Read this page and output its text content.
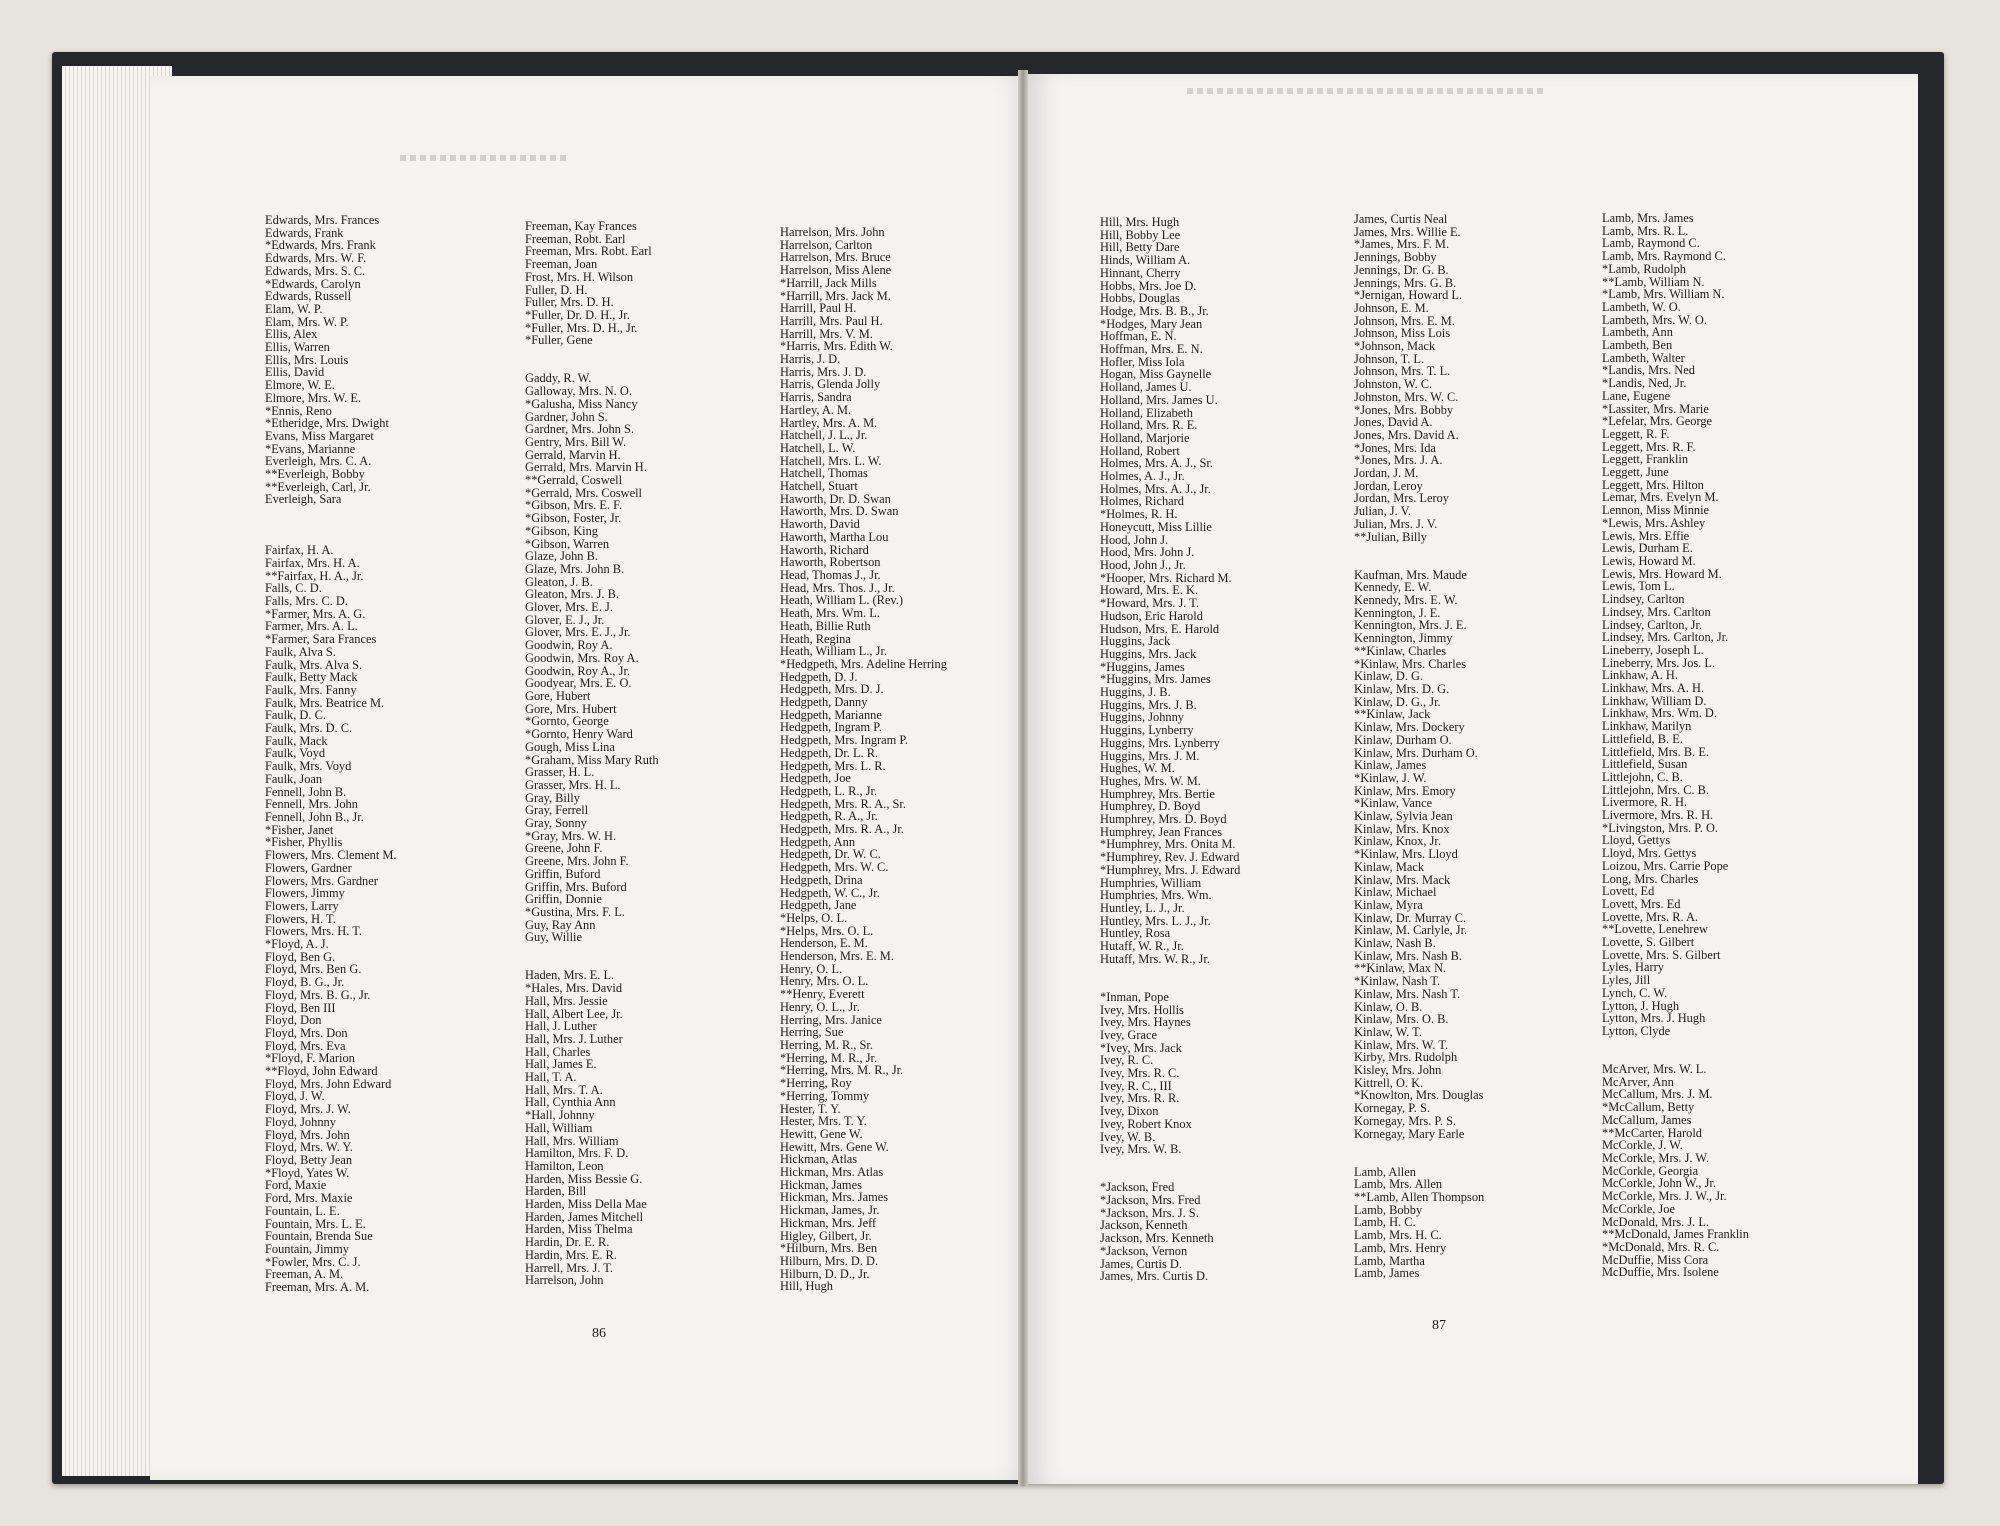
Edwards, Mrs. Frances
Edwards, Frank
*Edwards, Mrs. Frank
Edwards, Mrs. W. F.
Edwards, Mrs. S. C.
*Edwards, Carolyn
Edwards, Russell
Elam, W. P.
Elam, Mrs. W. P.
Ellis, Alex
Ellis, Warren
Ellis, Mrs. Louis
Ellis, David
Elmore, W. E.
Elmore, Mrs. W. E.
*Ennis, Reno
*Etheridge, Mrs. Dwight
Evans, Miss Margaret
*Evans, Marianne
Everleigh, Mrs. C. A.
**Everleigh, Bobby
**Everleigh, Carl, Jr.
Everleigh, Sara
Fairfax, H. A.
Fairfax, Mrs. H. A.
**Fairfax, H. A., Jr.
Falls, C. D.
Falls, Mrs. C. D.
*Farmer, Mrs. A. G.
Farmer, Mrs. A. L.
*Farmer, Sara Frances
Faulk, Alva S.
Faulk, Mrs. Alva S.
Faulk, Betty Mack
Faulk, Mrs. Fanny
Faulk, Mrs. Beatrice M.
Faulk, D. C.
Faulk, Mrs. D. C.
Faulk, Mack
Faulk, Voyd
Faulk, Mrs. Voyd
Faulk, Joan
Fennell, John B.
Fennell, Mrs. John
Fennell, John B., Jr.
*Fisher, Janet
*Fisher, Phyllis
Flowers, Mrs. Clement M.
Flowers, Gardner
Flowers, Mrs. Gardner
Flowers, Jimmy
Flowers, Larry
Flowers, H. T.
Flowers, Mrs. H. T.
*Floyd, A. J.
Floyd, Ben G.
Floyd, Mrs. Ben G.
Floyd, B. G., Jr.
Floyd, Mrs. B. G., Jr.
Floyd, Ben III
Floyd, Don
Floyd, Mrs. Don
Floyd, Mrs. Eva
*Floyd, F. Marion
**Floyd, John Edward
Floyd, Mrs. John Edward
Floyd, J. W.
Floyd, Mrs. J. W.
Floyd, Johnny
Floyd, Mrs. John
Floyd, Mrs. W. Y.
Floyd, Betty Jean
*Floyd, Yates W.
Ford, Maxie
Ford, Mrs. Maxie
Fountain, L. E.
Fountain, Mrs. L. E.
Fountain, Brenda Sue
Fountain, Jimmy
*Fowler, Mrs. C. J.
Freeman, A. M.
Freeman, Mrs. A. M.
Freeman, Kay Frances
Freeman, Robt. Earl
Freeman, Mrs. Robt. Earl
Freeman, Joan
Frost, Mrs. H. Wilson
Fuller, D. H.
Fuller, Mrs. D. H.
*Fuller, Dr. D. H., Jr.
*Fuller, Mrs. D. H., Jr.
*Fuller, Gene
Gaddy, R. W.
Galloway, Mrs. N. O.
*Galusha, Miss Nancy
Gardner, John S.
Gardner, Mrs. John S.
Gentry, Mrs. Bill W.
Gerrald, Marvin H.
Gerrald, Mrs. Marvin H.
**Gerrald, Coswell
*Gerrald, Mrs. Coswell
*Gibson, Mrs. E. F.
*Gibson, Foster, Jr.
*Gibson, King
*Gibson, Warren
Glaze, John B.
Glaze, Mrs. John B.
Gleaton, J. B.
Gleaton, Mrs. J. B.
Glover, Mrs. E. J.
Glover, E. J., Jr.
Glover, Mrs. E. J., Jr.
Goodwin, Roy A.
Goodwin, Mrs. Roy A.
Goodwin, Roy A., Jr.
Goodyear, Mrs. E. O.
Gore, Hubert
Gore, Mrs. Hubert
*Gornto, George
*Gornto, Henry Ward
Gough, Miss Lina
*Graham, Miss Mary Ruth
Grasser, H. L.
Grasser, Mrs. H. L.
Gray, Billy
Gray, Ferrell
Gray, Sonny
*Gray, Mrs. W. H.
Greene, John F.
Greene, Mrs. John F.
Griffin, Buford
Griffin, Mrs. Buford
Griffin, Donnie
*Gustina, Mrs. F. L.
Guy, Ray Ann
Guy, Willie
Haden, Mrs. E. L.
*Hales, Mrs. David
Hall, Mrs. Jessie
Hall, Albert Lee, Jr.
Hall, J. Luther
Hall, Mrs. J. Luther
Hall, Charles
Hall, James E.
Hall, T. A.
Hall, Mrs. T. A.
Hall, Cynthia Ann
*Hall, Johnny
Hall, William
Hall, Mrs. William
Hamilton, Mrs. F. D.
Hamilton, Leon
Harden, Miss Bessie G.
Harden, Bill
Harden, Miss Della Mae
Harden, James Mitchell
Harden, Miss Thelma
Hardin, Dr. E. R.
Hardin, Mrs. E. R.
Harrell, Mrs. J. T.
Harrelson, John
Harrelson, Mrs. John
Harrelson, Carlton
Harrelson, Mrs. Bruce
Harrelson, Miss Alene
*Harrill, Jack Mills
*Harrill, Mrs. Jack M.
Harrill, Paul H.
Harrill, Mrs. Paul H.
Harrill, Mrs. V. M.
*Harris, Mrs. Edith W.
Harris, J. D.
Harris, Mrs. J. D.
Harris, Glenda Jolly
Harris, Sandra
Hartley, A. M.
Hartley, Mrs. A. M.
Hatchell, J. L., Jr.
Hatchell, L. W.
Hatchell, Mrs. L. W.
Hatchell, Thomas
Hatchell, Stuart
Haworth, Dr. D. Swan
Haworth, Mrs. D. Swan
Haworth, David
Haworth, Martha Lou
Haworth, Richard
Haworth, Robertson
Head, Thomas J., Jr.
Head, Mrs. Thos. J., Jr.
Heath, William L. (Rev.)
Heath, Mrs. Wm. L.
Heath, Billie Ruth
Heath, Regina
Heath, William L., Jr.
*Hedgpeth, Mrs. Adeline Herring
Hedgpeth, D. J.
Hedgpeth, Mrs. D. J.
Hedgpeth, Danny
Hedgpeth, Marianne
Hedgpeth, Ingram P.
Hedgpeth, Mrs. Ingram P.
Hedgpeth, Dr. L. R.
Hedgpeth, Mrs. L. R.
Hedgpeth, Joe
Hedgpeth, L. R., Jr.
Hedgpeth, Mrs. R. A., Sr.
Hedgpeth, R. A., Jr.
Hedgpeth, Mrs. R. A., Jr.
Hedgpeth, Ann
Hedgpeth, Dr. W. C.
Hedgpeth, Mrs. W. C.
Hedgpeth, Drina
Hedgpeth, W. C., Jr.
Hedgpeth, Jane
*Helps, O. L.
*Helps, Mrs. O. L.
Henderson, E. M.
Henderson, Mrs. E. M.
Henry, O. L.
Henry, Mrs. O. L.
**Henry, Everett
Henry, O. L., Jr.
Herring, Mrs. Janice
Herring, Sue
Herring, M. R., Sr.
*Herring, M. R., Jr.
*Herring, Mrs. M. R., Jr.
*Herring, Roy
*Herring, Tommy
Hester, T. Y.
Hester, Mrs. T. Y.
Hewitt, Gene W.
Hewitt, Mrs. Gene W.
Hickman, Atlas
Hickman, Mrs. Atlas
Hickman, James
Hickman, Mrs. James
Hickman, James, Jr.
Hickman, Mrs. Jeff
Higley, Gilbert, Jr.
*Hilburn, Mrs. Ben
Hilburn, Mrs. D. D.
Hilburn, D. D., Jr.
Hill, Hugh
86
Hill, Mrs. Hugh
Hill, Bobby Lee
Hill, Betty Dare
Hinds, William A.
Hinnant, Cherry
Hobbs, Mrs. Joe D.
Hobbs, Douglas
Hodge, Mrs. B. B., Jr.
*Hodges, Mary Jean
Hoffman, E. N.
Hoffman, Mrs. E. N.
Hofler, Miss Iola
Hogan, Miss Gaynelle
Holland, James U.
Holland, Mrs. James U.
Holland, Elizabeth
Holland, Mrs. R. E.
Holland, Marjorie
Holland, Robert
Holmes, Mrs. A. J., Sr.
Holmes, A. J., Jr.
Holmes, Mrs. A. J., Jr.
Holmes, Richard
*Holmes, R. H.
Honeycutt, Miss Lillie
Hood, John J.
Hood, Mrs. John J.
Hood, John J., Jr.
*Hooper, Mrs. Richard M.
Howard, Mrs. E. K.
*Howard, Mrs. J. T.
Hudson, Eric Harold
Hudson, Mrs. E. Harold
Huggins, Jack
Huggins, Mrs. Jack
*Huggins, James
*Huggins, Mrs. James
Huggins, J. B.
Huggins, Mrs. J. B.
Huggins, Johnny
Huggins, Lynberry
Huggins, Mrs. Lynberry
Huggins, Mrs. J. M.
Hughes, W. M.
Hughes, Mrs. W. M.
Humphrey, Mrs. Bertie
Humphrey, D. Boyd
Humphrey, Mrs. D. Boyd
Humphrey, Jean Frances
*Humphrey, Mrs. Onita M.
*Humphrey, Rev. J. Edward
*Humphrey, Mrs. J. Edward
Humphries, William
Humphries, Mrs. Wm.
Huntley, L. J., Jr.
Huntley, Mrs. L. J., Jr.
Huntley, Rosa
Hutaff, W. R., Jr.
Hutaff, Mrs. W. R., Jr.
*Inman, Pope
Ivey, Mrs. Hollis
Ivey, Mrs. Haynes
Ivey, Grace
*Ivey, Mrs. Jack
Ivey, R. C.
Ivey, Mrs. R. C.
Ivey, R. C., III
Ivey, Mrs. R. R.
Ivey, Dixon
Ivey, Robert Knox
Ivey, W. B.
Ivey, Mrs. W. B.
*Jackson, Fred
*Jackson, Mrs. Fred
*Jackson, Mrs. J. S.
Jackson, Kenneth
Jackson, Mrs. Kenneth
*Jackson, Vernon
James, Curtis D.
James, Mrs. Curtis D.
James, Curtis Neal
James, Mrs. Willie E.
*James, Mrs. F. M.
Jennings, Bobby
Jennings, Dr. G. B.
Jennings, Mrs. G. B.
*Jernigan, Howard L.
Johnson, E. M.
Johnson, Mrs. E. M.
Johnson, Miss Lois
*Johnson, Mack
Johnson, T. L.
Johnson, Mrs. T. L.
Johnston, W. C.
Johnston, Mrs. W. C.
*Jones, Mrs. Bobby
Jones, David A.
Jones, Mrs. David A.
*Jones, Mrs. Ida
*Jones, Mrs. J. A.
Jordan, J. M.
Jordan, Leroy
Jordan, Mrs. Leroy
Julian, J. V.
Julian, Mrs. J. V.
**Julian, Billy
Kaufman, Mrs. Maude
Kennedy, E. W.
Kennedy, Mrs. E. W.
Kennington, J. E.
Kennington, Mrs. J. E.
Kennington, Jimmy
**Kinlaw, Charles
*Kinlaw, Mrs. Charles
Kinlaw, D. G.
Kinlaw, Mrs. D. G.
Kinlaw, D. G., Jr.
**Kinlaw, Jack
Kinlaw, Mrs. Dockery
Kinlaw, Durham O.
Kinlaw, Mrs. Durham O.
Kinlaw, James
*Kinlaw, J. W.
Kinlaw, Mrs. Emory
*Kinlaw, Vance
Kinlaw, Sylvia Jean
Kinlaw, Mrs. Knox
Kinlaw, Knox, Jr.
*Kinlaw, Mrs. Lloyd
Kinlaw, Mack
Kinlaw, Mrs. Mack
Kinlaw, Michael
Kinlaw, Myra
Kinlaw, Dr. Murray C.
Kinlaw, M. Carlyle, Jr.
Kinlaw, Nash B.
Kinlaw, Mrs. Nash B.
**Kinlaw, Max N.
*Kinlaw, Nash T.
Kinlaw, Mrs. Nash T.
Kinlaw, O. B.
Kinlaw, Mrs. O. B.
Kinlaw, W. T.
Kinlaw, Mrs. W. T.
Kirby, Mrs. Rudolph
Kisley, Mrs. John
Kittrell, O. K.
*Knowlton, Mrs. Douglas
Kornegay, P. S.
Kornegay, Mrs. P. S.
Kornegay, Mary Earle
Lamb, Allen
Lamb, Mrs. Allen
**Lamb, Allen Thompson
Lamb, Bobby
Lamb, H. C.
Lamb, Mrs. H. C.
Lamb, Mrs. Henry
Lamb, Martha
Lamb, James
Lamb, Mrs. James
Lamb, Mrs. R. L.
Lamb, Raymond C.
Lamb, Mrs. Raymond C.
*Lamb, Rudolph
**Lamb, William N.
*Lamb, Mrs. William N.
Lambeth, W. O.
Lambeth, Mrs. W. O.
Lambeth, Ann
Lambeth, Ben
Lambeth, Walter
*Landis, Mrs. Ned
*Landis, Ned, Jr.
Lane, Eugene
*Lassiter, Mrs. Marie
*Lefelar, Mrs. George
Leggett, R. F.
Leggett, Mrs. R. F.
Leggett, Franklin
Leggett, June
Leggett, Mrs. Hilton
Lemar, Mrs. Evelyn M.
Lennon, Miss Minnie
*Lewis, Mrs. Ashley
Lewis, Mrs. Effie
Lewis, Durham E.
Lewis, Howard M.
Lewis, Mrs. Howard M.
Lewis, Tom L.
Lindsey, Carlton
Lindsey, Mrs. Carlton
Lindsey, Carlton, Jr.
Lindsey, Mrs. Carlton, Jr.
Lineberry, Joseph L.
Lineberry, Mrs. Jos. L.
Linkhaw, A. H.
Linkhaw, Mrs. A. H.
Linkhaw, William D.
Linkhaw, Mrs. Wm. D.
Linkhaw, Marilyn
Littlefield, B. E.
Littlefield, Mrs. B. E.
Littlefield, Susan
Littlejohn, C. B.
Littlejohn, Mrs. C. B.
Livermore, R. H.
Livermore, Mrs. R. H.
*Livingston, Mrs. P. O.
Lloyd, Gettys
Lloyd, Mrs. Gettys
Loizou, Mrs. Carrie Pope
Long, Mrs. Charles
Lovett, Ed
Lovett, Mrs. Ed
Lovette, Mrs. R. A.
**Lovette, Lenehrew
Lovette, S. Gilbert
Lovette, Mrs. S. Gilbert
Lyles, Harry
Lyles, Jill
Lynch, C. W.
Lytton, J. Hugh
Lytton, Mrs. J. Hugh
Lytton, Clyde
McArver, Mrs. W. L.
McArver, Ann
McCallum, Mrs. J. M.
*McCallum, Betty
McCallum, James
**McCarter, Harold
McCorkle, J. W.
McCorkle, Mrs. J. W.
McCorkle, Georgia
McCorkle, John W., Jr.
McCorkle, Mrs. J. W., Jr.
McCorkle, Joe
McDonald, Mrs. J. L.
**McDonald, James Franklin
*McDonald, Mrs. R. C.
McDuffie, Miss Cora
McDuffie, Mrs. Isolene
87
